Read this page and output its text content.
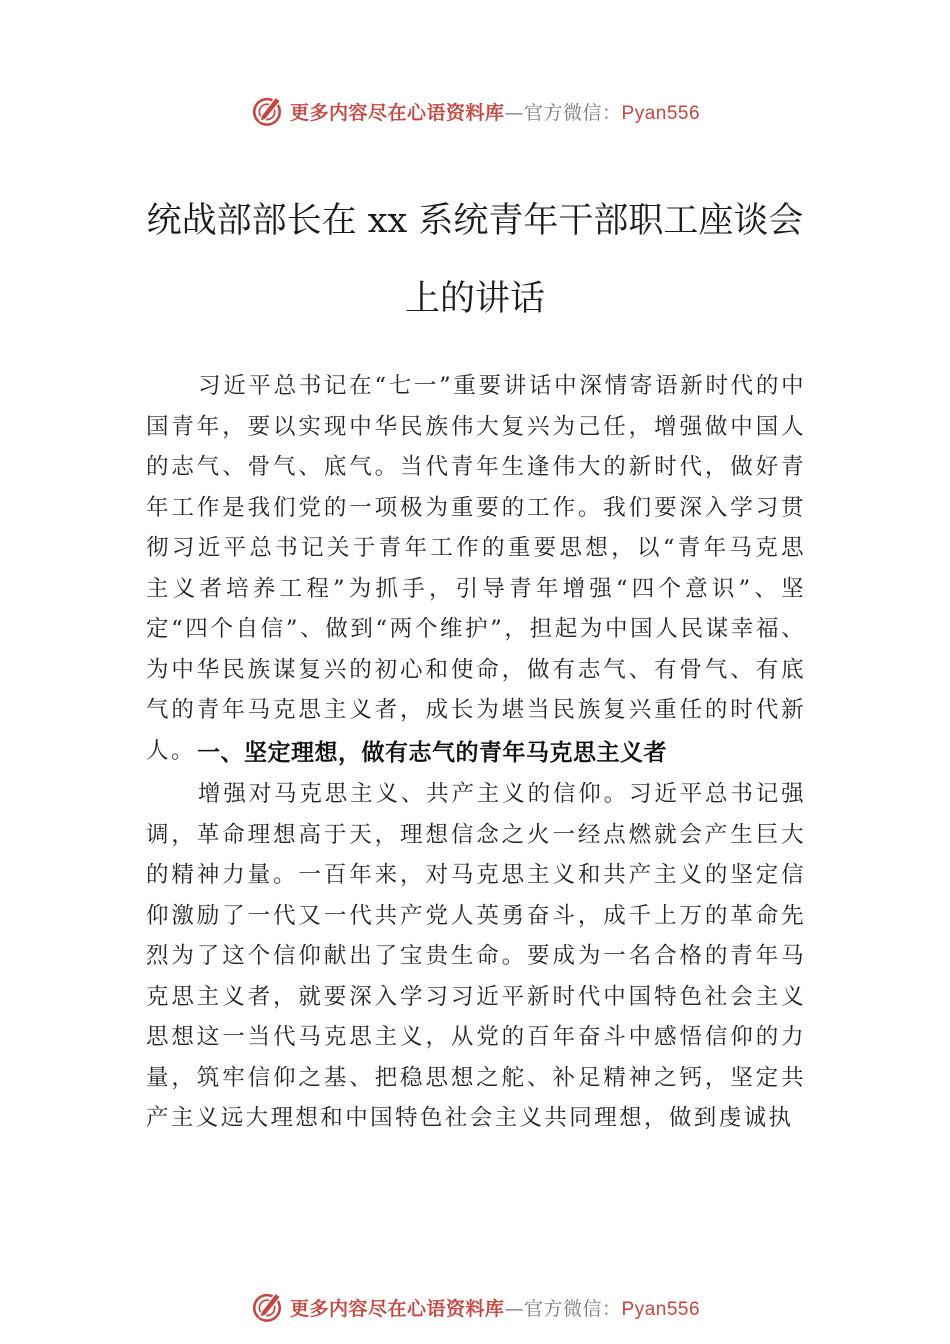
更多内容尽在心语资料库—官方微信：Pyan556
统战部部长在 xx 系统青年干部职工座谈会
上的讲话

习近平总书记在“七一”重要讲话中深情寄语新时代的中国青年，要以实现中华民族伟大复兴为己任，增强做中国人的志气、骨气、底气。当代青年生逢伟大的新时代，做好青年工作是我们党的一项极为重要的工作。我们要深入学习贯彻习近平总书记关于青年工作的重要思想，以“青年马克思主义者培养工程”为抓手，引导青年增强“四个意识”、坚定“四个自信”、做到“两个维护”，担起为中国人民谋幸福、为中华民族谋复兴的初心和使命，做有志气、有骨气、有底气的青年马克思主义者，成长为堪当民族复兴重任的时代新人。 一、坚定理想，做有志气的青年马克思主义者

增强对马克思主义、共产主义的信仰。习近平总书记强调，革命理想高于天，理想信念之火一经点燃就会产生巨大的精神力量。一百年来，对马克思主义和共产主义的坚定信仰激励了一代又一代共产党人英勇奋斗，成千上万的革命先烈为了这个信仰献出了宝贵生命。要成为一名合格的青年马克思主义者，就要深入学习习近平新时代中国特色社会主义思想这一当代马克思主义，从党的百年奋斗中感悟信仰的力量，筑牢信仰之基、把稳思想之舵、补足精神之钙，坚定共产主义远大理想和中国特色社会主义共同理想，做到虔诚执

更多内容尽在心语资料库—官方微信：Pyan556
